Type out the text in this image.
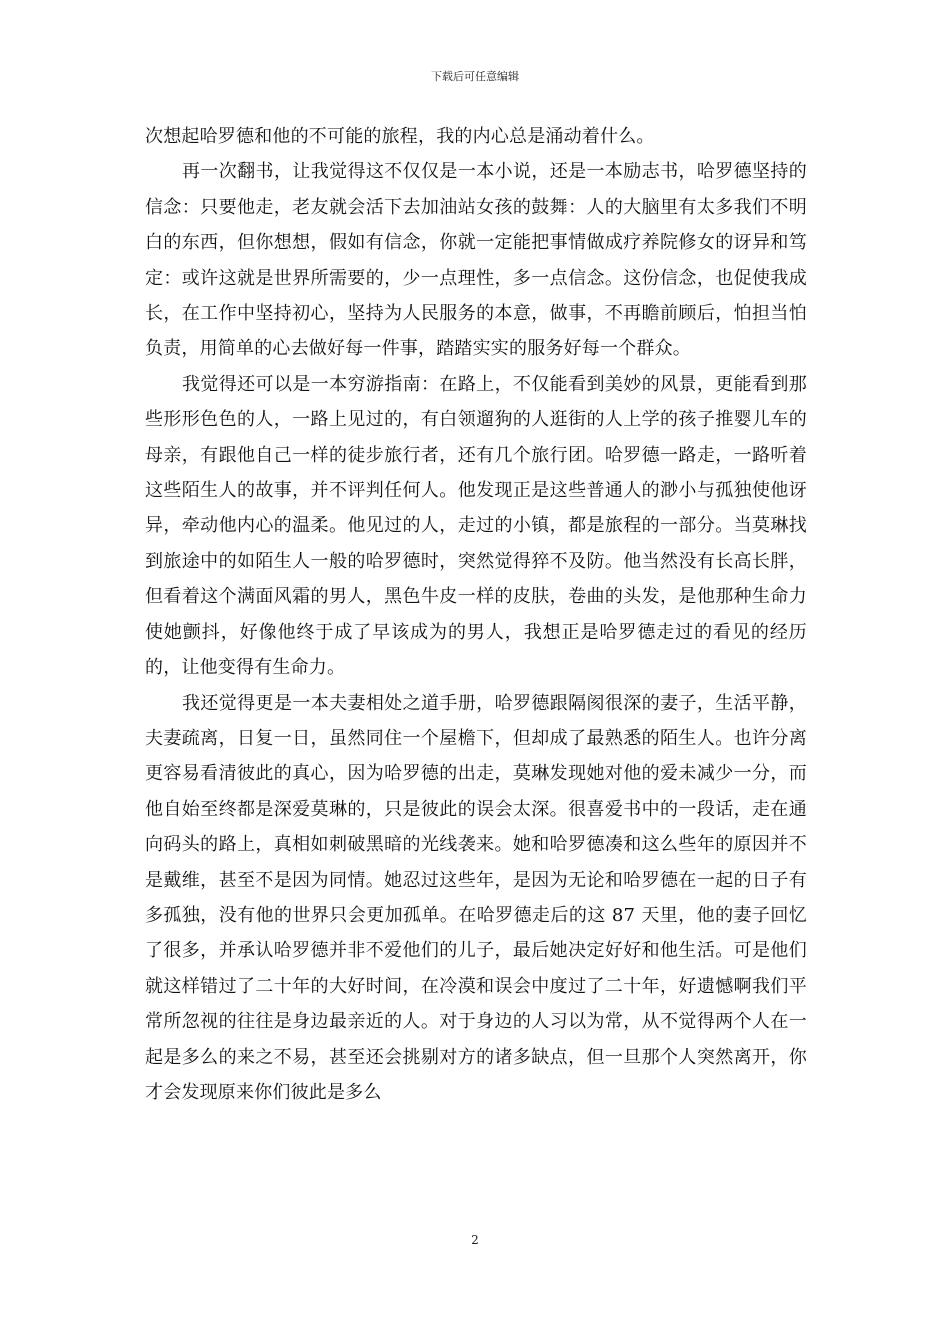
下载后可任意编辑

次想起哈罗德和他的不可能的旅程，我的内心总是涌动着什么。

再一次翻书，让我觉得这不仅仅是一本小说，还是一本励志书，哈罗德坚持的信念：只要他走，老友就会活下去加油站女孩的鼓舞：人的大脑里有太多我们不明白的东西，但你想想，假如有信念，你就一定能把事情做成疗养院修女的讶异和笃定：或许这就是世界所需要的，少一点理性，多一点信念。这份信念，也促使我成长，在工作中坚持初心，坚持为人民服务的本意，做事，不再瞻前顾后，怕担当怕负责，用简单的心去做好每一件事，踏踏实实的服务好每一个群众。

我觉得还可以是一本穷游指南：在路上，不仅能看到美妙的风景，更能看到那些形形色色的人，一路上见过的，有白领遛狗的人逛街的人上学的孩子推婴儿车的母亲，有跟他自己一样的徒步旅行者，还有几个旅行团。哈罗德一路走，一路听着这些陌生人的故事，并不评判任何人。他发现正是这些普通人的渺小与孤独使他讶异，牵动他内心的温柔。他见过的人，走过的小镇，都是旅程的一部分。当莫琳找到旅途中的如陌生人一般的哈罗德时，突然觉得猝不及防。他当然没有长高长胖，但看着这个满面风霜的男人，黑色牛皮一样的皮肤，卷曲的头发，是他那种生命力使她颤抖，好像他终于成了早该成为的男人，我想正是哈罗德走过的看见的经历的，让他变得有生命力。

我还觉得更是一本夫妻相处之道手册，哈罗德跟隔阂很深的妻子，生活平静，夫妻疏离，日复一日，虽然同住一个屋檐下，但却成了最熟悉的陌生人。也许分离更容易看清彼此的真心，因为哈罗德的出走，莫琳发现她对他的爱未减少一分，而他自始至终都是深爱莫琳的，只是彼此的误会太深。很喜爱书中的一段话，走在通向码头的路上，真相如刺破黑暗的光线袭来。她和哈罗德凑和这么些年的原因并不是戴维，甚至不是因为同情。她忍过这些年，是因为无论和哈罗德在一起的日子有多孤独，没有他的世界只会更加孤单。在哈罗德走后的这 87 天里，他的妻子回忆了很多，并承认哈罗德并非不爱他们的儿子，最后她决定好好和他生活。可是他们就这样错过了二十年的大好时间，在冷漠和误会中度过了二十年，好遗憾啊我们平常所忽视的往往是身边最亲近的人。对于身边的人习以为常，从不觉得两个人在一起是多么的来之不易，甚至还会挑剔对方的诸多缺点，但一旦那个人突然离开，你才会发现原来你们彼此是多么

2
